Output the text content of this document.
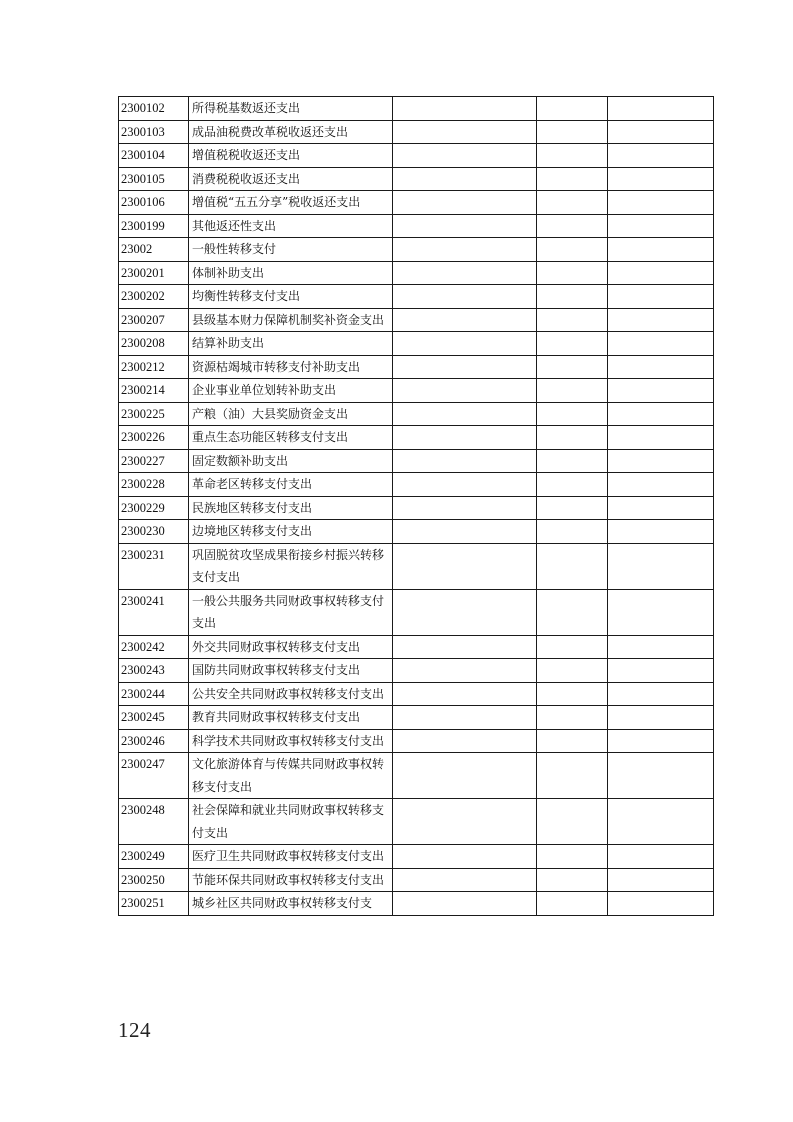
2300102	所得税基数返还支出			
2300103	成品油税费改革税收返还支出			
2300104	增值税税收返还支出			
2300105	消费税税收返还支出			
2300106	增值税“五五分享”税收返还支出			
2300199	其他返还性支出			
23002	一般性转移支付			
2300201	体制补助支出			
2300202	均衡性转移支付支出			
2300207	县级基本财力保障机制奖补资金支出			
2300208	结算补助支出			
2300212	资源枯竭城市转移支付补助支出			
2300214	企业事业单位划转补助支出			
2300225	产粮（油）大县奖励资金支出			
2300226	重点生态功能区转移支付支出			
2300227	固定数额补助支出			
2300228	革命老区转移支付支出			
2300229	民族地区转移支付支出			
2300230	边境地区转移支付支出			
2300231	巩固脱贫攻坚成果衔接乡村振兴转移支付支出			
2300241	一般公共服务共同财政事权转移支付支出			
2300242	外交共同财政事权转移支付支出			
2300243	国防共同财政事权转移支付支出			
2300244	公共安全共同财政事权转移支付支出			
2300245	教育共同财政事权转移支付支出			
2300246	科学技术共同财政事权转移支付支出			
2300247	文化旅游体育与传媒共同财政事权转移支付支出			
2300248	社会保障和就业共同财政事权转移支付支出			
2300249	医疗卫生共同财政事权转移支付支出			
2300250	节能环保共同财政事权转移支付支出			
2300251	城乡社区共同财政事权转移支付支			
124
